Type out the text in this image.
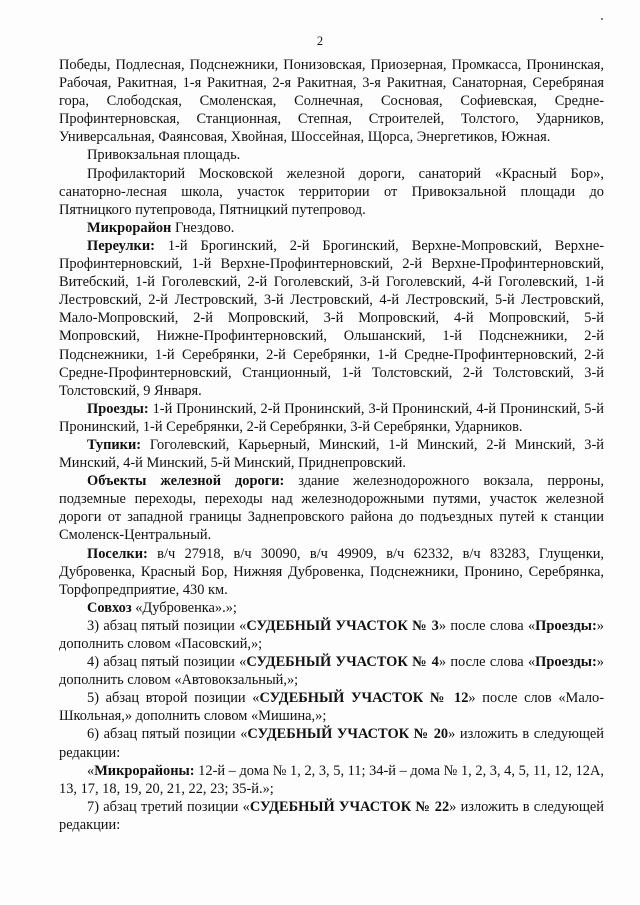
2

Победы, Подлесная, Подснежники, Понизовская, Приозерная, Промкасса, Пронинская, Рабочая, Ракитная, 1-я Ракитная, 2-я Ракитная, 3-я Ракитная, Санаторная, Серебряная гора, Слободская, Смоленская, Солнечная, Сосновая, Софиевская, Средне-Профинтерновская, Станционная, Степная, Строителей, Толстого, Ударников, Универсальная, Фаянсовая, Хвойная, Шоссейная, Щорса, Энергетиков, Южная.

Привокзальная площадь.

Профилакторий Московской железной дороги, санаторий «Красный Бор», санаторно-лесная школа, участок территории от Привокзальной площади до Пятницкого путепровода, Пятницкий путепровод.

Микрорайон Гнездово.

Переулки: 1-й Брогинский, 2-й Брогинский, Верхне-Мопровский, Верхне-Профинтерновский, 1-й Верхне-Профинтерновский, 2-й Верхне-Профинтерновский, Витебский, 1-й Гоголевский, 2-й Гоголевский, 3-й Гоголевский, 4-й Гоголевский, 1-й Лестровский, 2-й Лестровский, 3-й Лестровский, 4-й Лестровский, 5-й Лестровский, Мало-Мопровский, 2-й Мопровский, 3-й Мопровский, 4-й Мопровский, 5-й Мопровский, Нижне-Профинтерновский, Ольшанский, 1-й Подснежники, 2-й Подснежники, 1-й Серебрянки, 2-й Серебрянки, 1-й Средне-Профинтерновский, 2-й Средне-Профинтерновский, Станционный, 1-й Толстовский, 2-й Толстовский, 3-й Толстовский, 9 Января.

Проезды: 1-й Пронинский, 2-й Пронинский, 3-й Пронинский, 4-й Пронинский, 5-й Пронинский, 1-й Серебрянки, 2-й Серебрянки, 3-й Серебрянки, Ударников.

Тупики: Гоголевский, Карьерный, Минский, 1-й Минский, 2-й Минский, 3-й Минский, 4-й Минский, 5-й Минский, Приднепровский.

Объекты железной дороги: здание железнодорожного вокзала, перроны, подземные переходы, переходы над железнодорожными путями, участок железной дороги от западной границы Заднепровского района до подъездных путей к станции Смоленск-Центральный.

Поселки: в/ч 27918, в/ч 30090, в/ч 49909, в/ч 62332, в/ч 83283, Глущенки, Дубровенка, Красный Бор, Нижняя Дубровенка, Подснежники, Пронино, Серебрянка, Торфопредприятие, 430 км.

Совхоз «Дубровенка».»;

3) абзац пятый позиции «СУДЕБНЫЙ УЧАСТОК № 3» после слова «Проезды:» дополнить словом «Пасовский,»;

4) абзац пятый позиции «СУДЕБНЫЙ УЧАСТОК № 4» после слова «Проезды:» дополнить словом «Автовокзальный,»;

5) абзац второй позиции «СУДЕБНЫЙ УЧАСТОК № 12» после слов «Мало-Школьная,» дополнить словом «Мишина,»;

6) абзац пятый позиции «СУДЕБНЫЙ УЧАСТОК № 20» изложить в следующей редакции:

«Микрорайоны: 12-й – дома № 1, 2, 3, 5, 11; 34-й – дома № 1, 2, 3, 4, 5, 11, 12, 12А, 13, 17, 18, 19, 20, 21, 22, 23; 35-й.»;

7) абзац третий позиции «СУДЕБНЫЙ УЧАСТОК № 22» изложить в следующей редакции:
